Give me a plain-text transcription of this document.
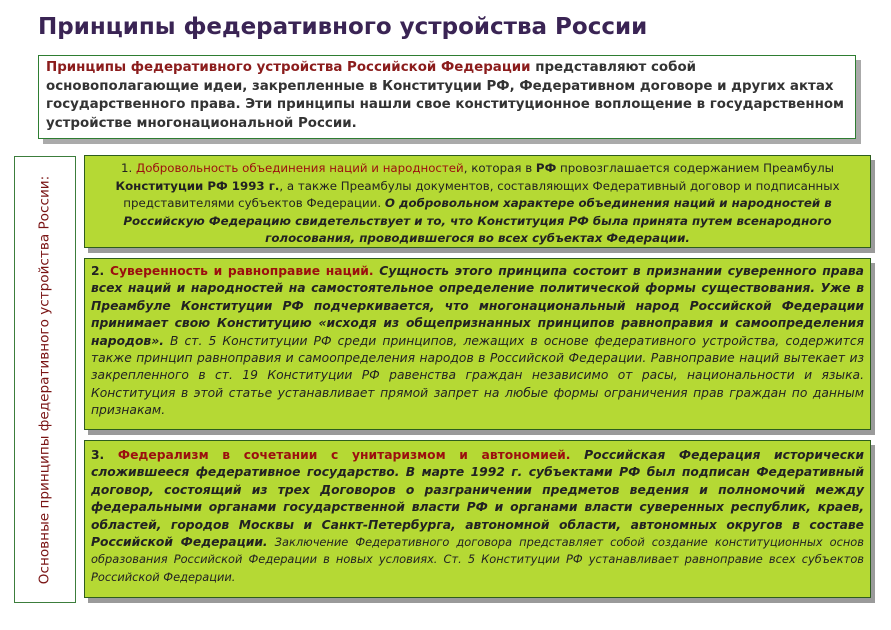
Принципы федеративного устройства России
Принципы федеративного устройства Российской Федерации представляют собой основополагающие идеи, закрепленные в Конституции РФ, Федеративном договоре и других актах государственного права. Эти принципы нашли свое конституционное воплощение в государственном устройстве многонациональной России.
Основные принципы федеративного устройства России:
1. Добровольность объединения наций и народностей, которая в РФ провозглашается содержанием Преамбулы Конституции РФ 1993 г., а также Преамбулы документов, составляющих Федеративный договор и подписанных представителями субъектов Федерации. О добровольном характере объединения наций и народностей в Российскую Федерацию свидетельствует и то, что Конституция РФ была принята путем всенародного голосования, проводившегося во всех субъектах Федерации.
2. Суверенность и равноправие наций. Сущность этого принципа состоит в признании суверенного права всех наций и народностей на самостоятельное определение политической формы существования. Уже в Преамбуле Конституции РФ подчеркивается, что многонациональный народ Российской Федерации принимает свою Конституцию «исходя из общепризнанных принципов равноправия и самоопределения народов». В ст. 5 Конституции РФ среди принципов, лежащих в основе федеративного устройства, содержится также принцип равноправия и самоопределения народов в Российской Федерации. Равноправие наций вытекает из закрепленного в ст. 19 Конституции РФ равенства граждан независимо от расы, национальности и языка. Конституция в этой статье устанавливает прямой запрет на любые формы ограничения прав граждан по данным признакам.
3. Федерализм в сочетании с унитаризмом и автономией. Российская Федерация исторически сложившееся федеративное государство. В марте 1992 г. субъектами РФ был подписан Федеративный договор, состоящий из трех Договоров о разграничении предметов ведения и полномочий между федеральными органами государственной власти РФ и органами власти суверенных республик, краев, областей, городов Москвы и Санкт-Петербурга, автономной области, автономных округов в составе Российской Федерации. Заключение Федеративного договора представляет собой создание конституционных основ образования Российской Федерации в новых условиях. Ст. 5 Конституции РФ устанавливает равноправие всех субъектов Российской Федерации.
